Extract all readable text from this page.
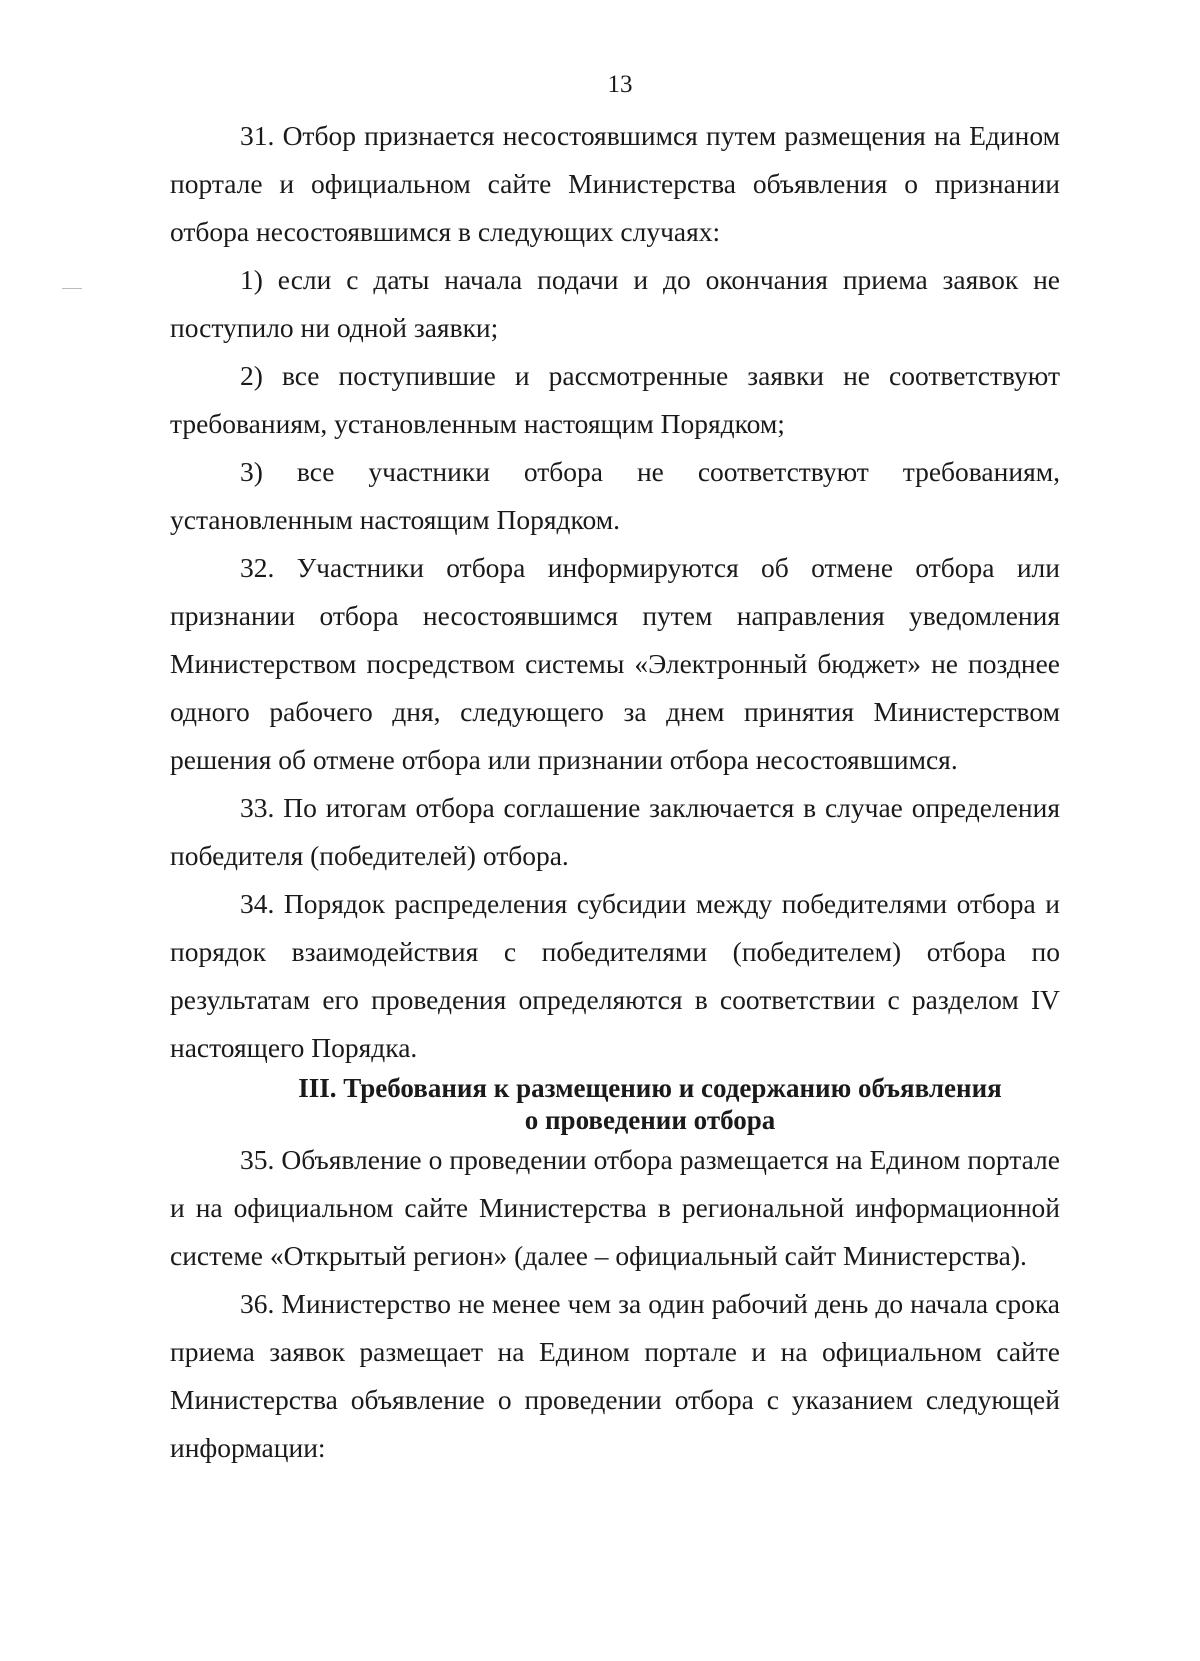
13

31. Отбор признается несостоявшимся путем размещения на Едином портале и официальном сайте Министерства объявления о признании отбора несостоявшимся в следующих случаях:

1) если с даты начала подачи и до окончания приема заявок не поступило ни одной заявки;

2) все поступившие и рассмотренные заявки не соответствуют требованиям, установленным настоящим Порядком;

3) все участники отбора не соответствуют требованиям, установленным настоящим Порядком.

32. Участники отбора информируются об отмене отбора или признании отбора несостоявшимся путем направления уведомления Министерством посредством системы «Электронный бюджет» не позднее одного рабочего дня, следующего за днем принятия Министерством решения об отмене отбора или признании отбора несостоявшимся.

33. По итогам отбора соглашение заключается в случае определения победителя (победителей) отбора.

34. Порядок распределения субсидии между победителями отбора и порядок взаимодействия с победителями (победителем) отбора по результатам его проведения определяются в соответствии с разделом IV настоящего Порядка.

III. Требования к размещению и содержанию объявления
о проведении отбора

35. Объявление о проведении отбора размещается на Едином портале и на официальном сайте Министерства в региональной информационной системе «Открытый регион» (далее – официальный сайт Министерства).

36. Министерство не менее чем за один рабочий день до начала срока приема заявок размещает на Едином портале и на официальном сайте Министерства объявление о проведении отбора с указанием следующей информации:
